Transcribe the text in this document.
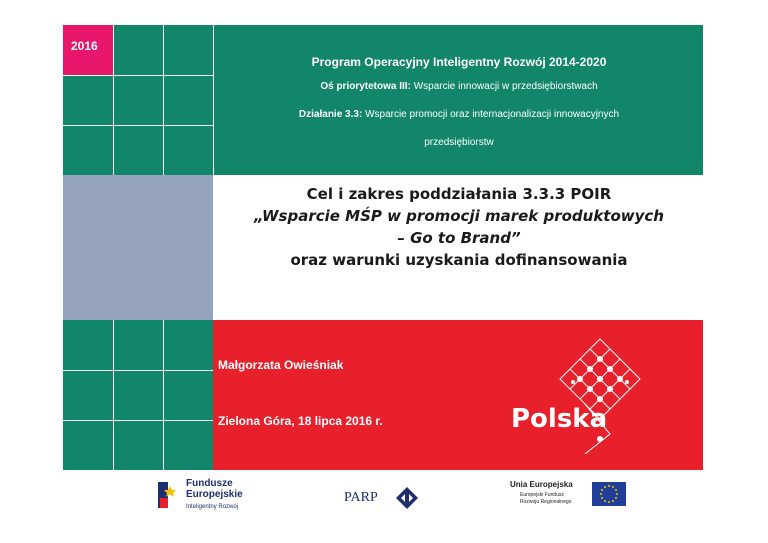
2016
Program Operacyjny Inteligentny Rozwój 2014-2020
Oś priorytetowa III: Wsparcie innowacji w przedsiębiorstwach
Działanie 3.3: Wsparcie promocji oraz internacjonalizacji innowacyjnych
przedsiębiorstw
Cel i zakres poddziałania 3.3.3 POIR
„Wsparcie MŚP w promocji marek produktowych
– Go to Brand”
oraz warunki uzyskania dofinansowania
Małgorzata Owieśniak
Zielona Góra, 18 lipca 2016 r.	Polska
Fundusze
Europejskie
Inteligentny Rozwój
PARP
Unia Europejska
Europejski Fundusz
Rozwoju Regionalnego
